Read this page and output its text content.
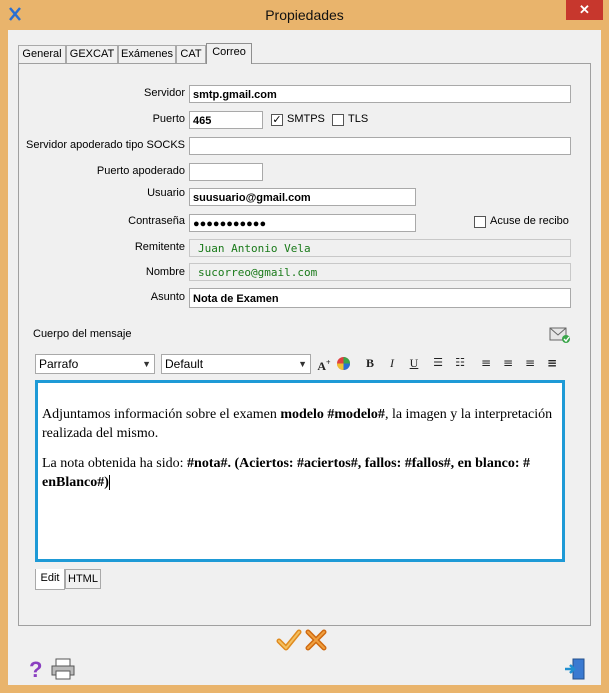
Propiedades	✕
General GEXCAT Exámenes CAT Correo
Servidor smtp.gmail.com
Puerto 465	✓ SMTPS TLS
Servidor apoderado tipo SOCKS
Puerto apoderado
Usuario suusuario@gmail.com
Contraseña ●●●●●●●●●●●	Acuse de recibo
Remitente	Juan Antonio Vela
Nombre	sucorreo@gmail.com
Asunto Nota de Examen
Cuerpo del mensaje
Parrafo	▼	Default	▼ A+	B	I	U	☰	☷	≡ ≡ ≡ ≡

Adjuntamos información sobre el examen modelo #modelo#, la imagen y la interpretación realizada del mismo.

La nota obtenida ha sido: #nota#. (Aciertos: #aciertos#, fallos: #fallos#, en blanco: # enBlanco#)

Edit HTML
?
